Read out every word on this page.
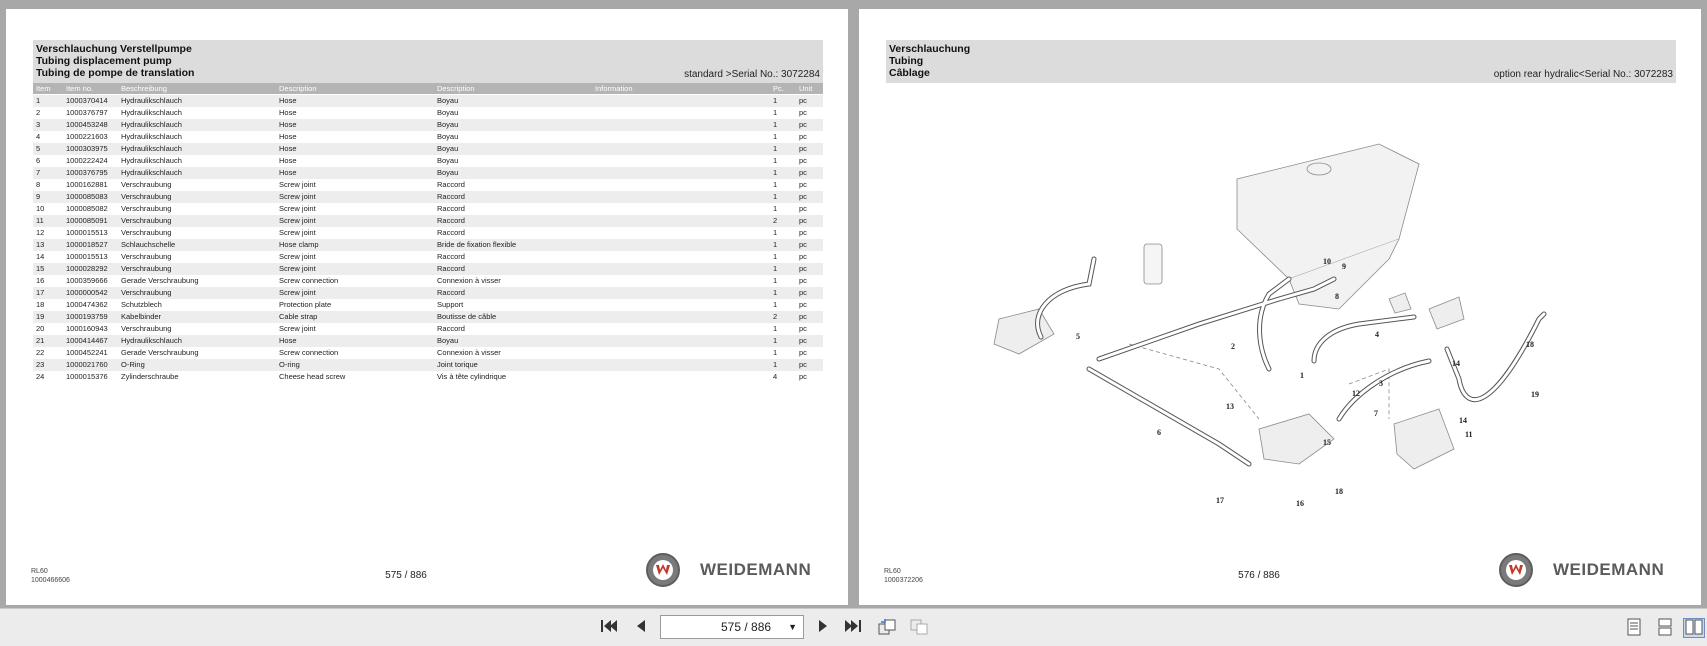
Verschlauchung Verstellpumpe
Tubing displacement pump
Tubing de pompe de translation	standard >Serial No.: 3072284
Item Item no.	Beschreibung	Description	Description	Information	Pc. Unit
1	1000370414 Hydraulikschlauch	Hose	Boyau	1	pc
2	1000376797 Hydraulikschlauch	Hose	Boyau	1	pc
3	1000453248 Hydraulikschlauch	Hose	Boyau	1	pc
4	1000221603 Hydraulikschlauch	Hose	Boyau	1	pc
5	1000303975 Hydraulikschlauch	Hose	Boyau	1	pc
6	1000222424 Hydraulikschlauch	Hose	Boyau	1	pc
7	1000376795 Hydraulikschlauch	Hose	Boyau	1	pc
8	1000162881 Verschraubung	Screw joint	Raccord	1	pc
9	1000085083 Verschraubung	Screw joint	Raccord	1	pc
10	1000085082 Verschraubung	Screw joint	Raccord	1	pc
11	1000085091 Verschraubung	Screw joint	Raccord	2	pc
12	1000015513 Verschraubung	Screw joint	Raccord	1	pc
13	1000018527 Schlauchschelle	Hose clamp	Bride de fixation flexible	1	pc
14	1000015513 Verschraubung	Screw joint	Raccord	1	pc
15	1000028292 Verschraubung	Screw joint	Raccord	1	pc
16	1000359666 Gerade Verschraubung	Screw connection	Connexion à visser	1	pc
17	1000000542 Verschraubung	Screw joint	Raccord	1	pc
18	1000474362 Schutzblech	Protection plate	Support	1	pc
19	1000193759 Kabelbinder	Cable strap	Boutisse de câble	2	pc
20	1000160943 Verschraubung	Screw joint	Raccord	1	pc
21	1000414467 Hydraulikschlauch	Hose	Boyau	1	pc
22	1000452241 Gerade Verschraubung	Screw connection	Connexion à visser	1	pc
23	1000021760 O-Ring	O-ring	Joint torique	1	pc
24	1000015376 Zylinderschraube	Cheese head screw	Vis à tête cylindrique	4	pc
RL60
1000466606	575 / 886	WEIDEMANN
Verschlauchung
Tubing
Câblage	option rear hydralic<Serial No.: 3072283
10
9
8
5
2
4
14
18
1
12
3
13
19
7
14
11
6
15
17
18
16
RL60
1000372206	576 / 886	WEIDEMANN
575 / 886 ▼
